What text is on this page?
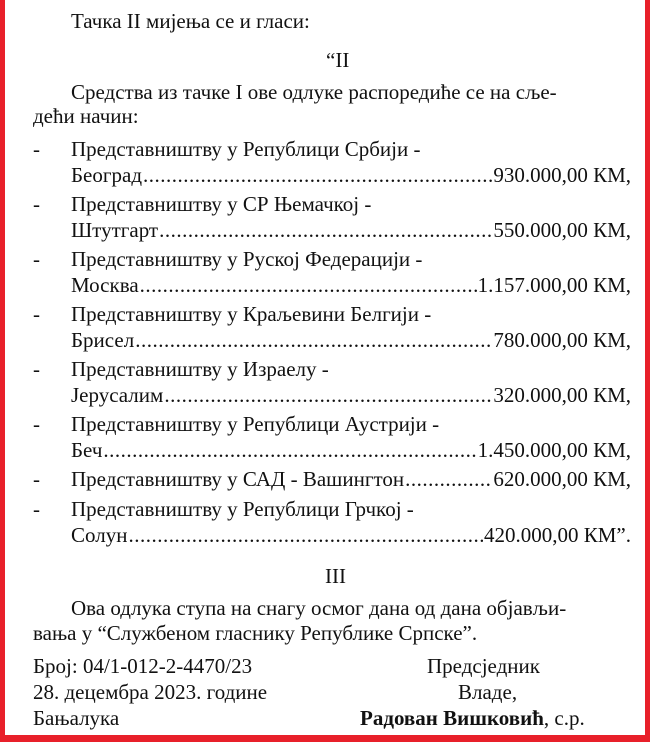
Тачка II мијења се и гласи:
“II
Средства из тачке I ове одлуке распоредиће се на сље-
дећи начин:
- Представништву у Републици Србији -
Београд .....	930.000,00 КМ,
- Представништву у СР Њемачкој -
Штутгарт .....	550.000,00 КМ,
- Представништву у Руској Федерацији -
Москва .....	1.157.000,00 КМ,
- Представништву у Краљевини Белгији -
Брисел .....	780.000,00 КМ,
- Представништву у Израелу -
Јерусалим .....	320.000,00 КМ,
- Представништву у Републици Аустрији -
Беч .....	1.450.000,00 КМ,
- Представништву у САД - Вашингтон .....	620.000,00 КМ,
- Представништву у Републици Грчкој -
Солун .....	420.000,00 КМ”.
III
Ова одлука ступа на снагу осмог дана од дана објављи-
вања у “Службеном гласнику Републике Српске”.
Број: 04/1-012-2-4470/23
28. децембра 2023. године
Бањалука
Предсједник
Владе,
Радован Вишковић, с.р.
